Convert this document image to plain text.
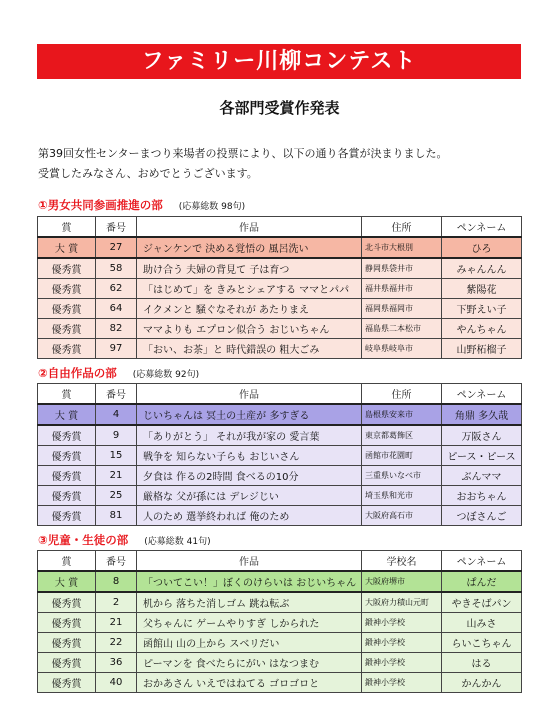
ファミリー川柳コンテスト
各部門受賞作発表
第39回女性センターまつり来場者の投票により、以下の通り各賞が決まりました。
受賞したみなさん、おめでとうございます。
①男女共同参画推進の部 (応募総数 98句)
賞	番号	作品	住所	ペンネーム
大 賞	27	ジャンケンで 決める覚悟の 風呂洗い	北斗市大根別	ひろ
優秀賞	58	助け合う 夫婦の背見て 子は育つ	静岡県袋井市	みゃんんん
優秀賞	62	「はじめて」を きみとシェアする ママとパパ	福井県福井市	紫陽花
優秀賞	64	イクメンと 騒ぐなそれが あたりまえ	福岡県福岡市	下野えい子
優秀賞	82	ママよりも エプロン似合う おじいちゃん	福島県二本松市	やんちゃん
優秀賞	97	「おい、お茶」と 時代錯誤の 粗大ごみ	岐阜県岐阜市	山野柘榴子
②自由作品の部 (応募総数 92句)
賞	番号	作品	住所	ペンネーム
大 賞	4	じいちゃんは 冥土の土産が 多すぎる	島根県安来市	角鼎 多久哉
優秀賞	9	「ありがとう」 それが我が家の 愛言葉	東京都葛飾区	万阪さん
優秀賞	15	戦争を 知らない子らも おじいさん	函館市花園町	ピース・ピース
優秀賞	21	夕食は 作るの2時間 食べるの10分	三重県いなべ市	ぶんママ
優秀賞	25	厳格な 父が孫には デレジじい	埼玉県和光市	おおちゃん
優秀賞	81	人のため 選挙終われば 俺のため	大阪府高石市	つぼさんご
③児童・生徒の部 (応募総数 41句)
賞	番号	作品	学校名	ペンネーム
大 賞	8	「ついてこい！」ぼくのけらいは おじいちゃん	大阪府堺市	ぱんだ
優秀賞	2	机から 落ちた消しゴム 跳ね転ぶ	大阪府力積山元町	やきそばパン
優秀賞	21	父ちゃんに ゲームやりすぎ しかられた	鍛神小学校	山みさ
優秀賞	22	函館山 山の上から スベリだい	鍛神小学校	らいこちゃん
優秀賞	36	ピーマンを 食べたらにがい はなつまむ	鍛神小学校	はる
優秀賞	40	おかあさん いえではねてる ゴロゴロと	鍛神小学校	かんかん
